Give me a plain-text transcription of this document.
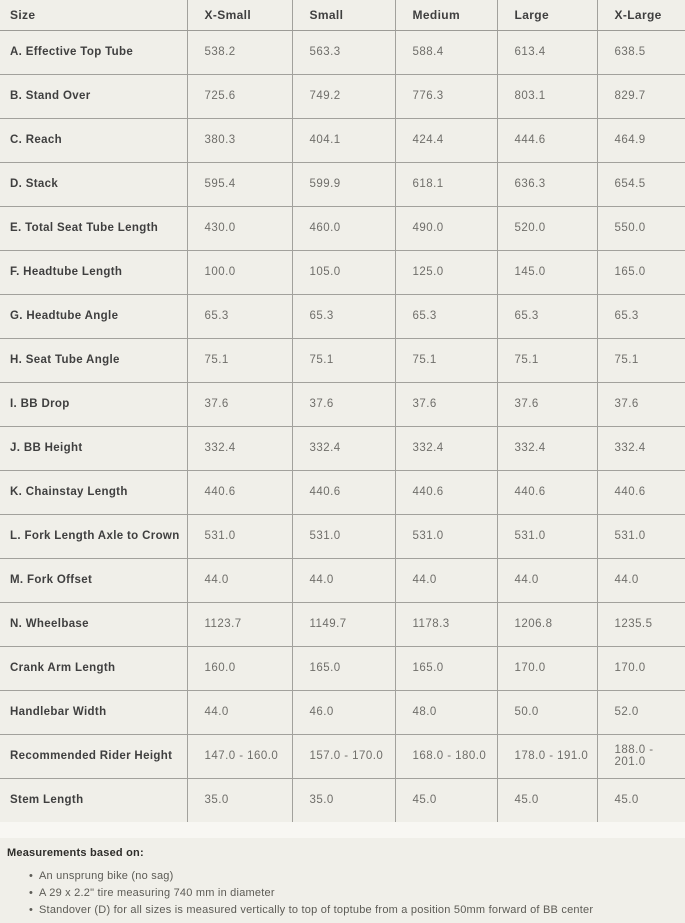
Size	X-Small	Small	Medium	Large	X-Large
A. Effective Top Tube	538.2	563.3	588.4	613.4	638.5
B. Stand Over	725.6	749.2	776.3	803.1	829.7
C. Reach	380.3	404.1	424.4	444.6	464.9
D. Stack	595.4	599.9	618.1	636.3	654.5
E. Total Seat Tube Length	430.0	460.0	490.0	520.0	550.0
F. Headtube Length	100.0	105.0	125.0	145.0	165.0
G. Headtube Angle	65.3	65.3	65.3	65.3	65.3
H. Seat Tube Angle	75.1	75.1	75.1	75.1	75.1
I. BB Drop	37.6	37.6	37.6	37.6	37.6
J. BB Height	332.4	332.4	332.4	332.4	332.4
K. Chainstay Length	440.6	440.6	440.6	440.6	440.6
L. Fork Length Axle to Crown	531.0	531.0	531.0	531.0	531.0
M. Fork Offset	44.0	44.0	44.0	44.0	44.0
N. Wheelbase	1123.7	1149.7	1178.3	1206.8	1235.5
Crank Arm Length	160.0	165.0	165.0	170.0	170.0
Handlebar Width	44.0	46.0	48.0	50.0	52.0
Recommended Rider Height	147.0 - 160.0	157.0 - 170.0	168.0 - 180.0	178.0 - 191.0	188.0 - 201.0
Stem Length	35.0	35.0	45.0	45.0	45.0
Measurements based on:
• An unsprung bike (no sag)
• A 29 x 2.2" tire measuring 740 mm in diameter
• Standover (D) for all sizes is measured vertically to top of toptube from a position 50mm forward of BB center
